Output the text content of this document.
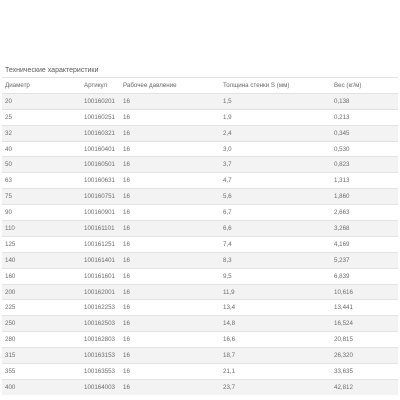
Технические характеристики
Диаметр	Артикул	Рабочее давление	Толщина стенки S (мм)	Вес (кг/м)
20	100160201	16	1,5	0,138
25	100160251	16	1,9	0,213
32	100160321	16	2,4	0,345
40	100160401	16	3,0	0,530
50	100160501	16	3,7	0,823
63	100160631	16	4,7	1,313
75	100160751	16	5,6	1,860
90	100160901	16	6,7	2,663
110	100161101	16	6,6	3,268
125	100161251	16	7,4	4,169
140	100161401	16	8,3	5,237
160	100161601	16	9,5	6,839
200	100162001	16	11,9	10,616
225	100162253	16	13,4	13,441
250	100162503	16	14,8	16,524
280	100162803	16	16,6	20,815
315	100163153	16	18,7	26,320
355	100163553	16	21,1	33,635
400	100164003	16	23,7	42,812
